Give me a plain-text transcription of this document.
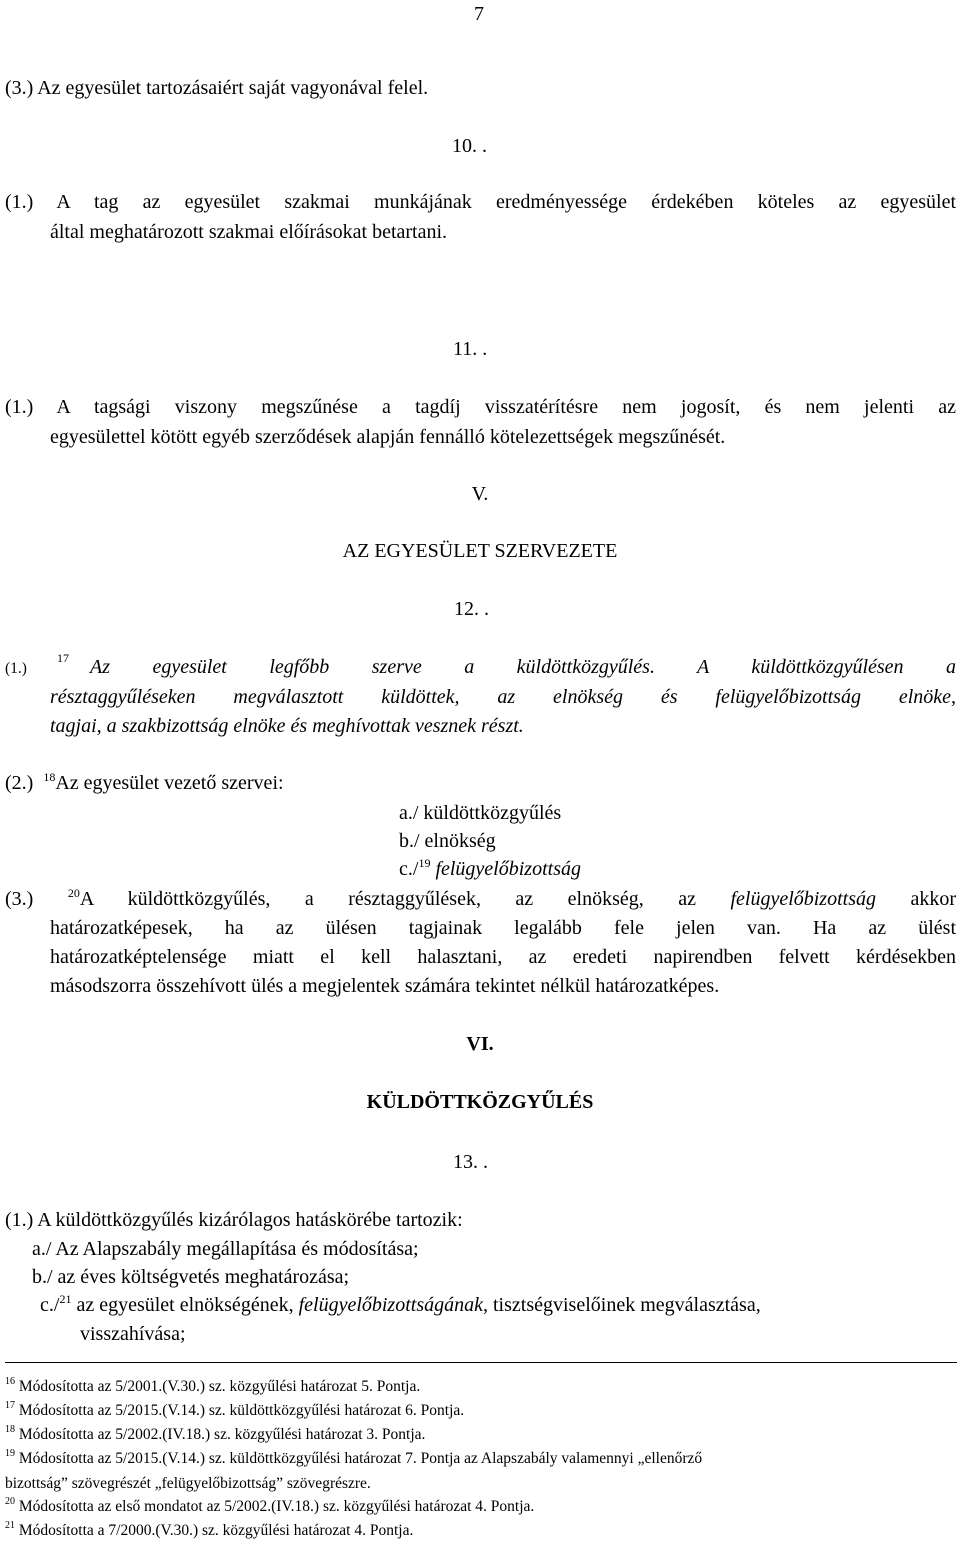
7
(3.) Az egyesület tartozásaiért saját vagyonával felel.
10. .
(1.) A tag az egyesület szakmai munkájának eredményessége érdekében köteles az egyesület
által meghatározott szakmai előírásokat betartani.
11. .
(1.) A tagsági viszony megszűnése a tagdíj visszatérítésre nem jogosít, és nem jelenti az
egyesülettel kötött egyéb szerződések alapján fennálló kötelezettségek megszűnését.
V.
AZ EGYESÜLET SZERVEZETE
12. .
(1.)
17 Az egyesület legfőbb szerve a küldöttközgyűlés. A küldöttközgyűlésen a
résztaggyűléseken megválasztott küldöttek, az elnökség és felügyelőbizottság elnöke,
tagjai, a szakbizottság elnöke és meghívottak vesznek részt.
(2.) $^{18}$Az egyesület vezető szervei:
a./ küldöttközgyűlés
b./ elnökség
c./$^{19}$ felügyelőbizottság
(3.)	$^{20}$A küldöttközgyűlés, a résztaggyűlések, az elnökség, az felügyelőbizottság akkor
határozatképesek, ha az ülésen tagjainak legalább fele jelen van. Ha az ülést
határozatképtelensége miatt el kell halasztani, az eredeti napirendben felvett kérdésekben
másodszorra összehívott ülés a megjelentek számára tekintet nélkül határozatképes.
VI.
KÜLDÖTTKÖZGYŰLÉS
13. .
(1.) A küldöttközgyűlés kizárólagos hatáskörébe tartozik:
a./ Az Alapszabály megállapítása és módosítása;
b./ az éves költségvetés meghatározása;
c./$^{21}$ az egyesület elnökségének, felügyelőbizottságának, tisztségviselőinek megválasztása,
visszahívása;
$^{16}$ Módosította az 5/2001.(V.30.) sz. közgyűlési határozat 5. Pontja.
$^{17}$ Módosította az 5/2015.(V.14.) sz. küldöttközgyűlési határozat 6. Pontja.
$^{18}$ Módosította az 5/2002.(IV.18.) sz. közgyűlési határozat 3. Pontja.
$^{19}$ Módosította az 5/2015.(V.14.) sz. küldöttközgyűlési határozat 7. Pontja az Alapszabály valamennyi „ellenőrző
bizottság” szövegrészét „felügyelőbizottság” szövegrészre.
$^{20}$ Módosította az első mondatot az 5/2002.(IV.18.) sz. közgyűlési határozat 4. Pontja.
$^{21}$ Módosította a 7/2000.(V.30.) sz. közgyűlési határozat 4. Pontja.
